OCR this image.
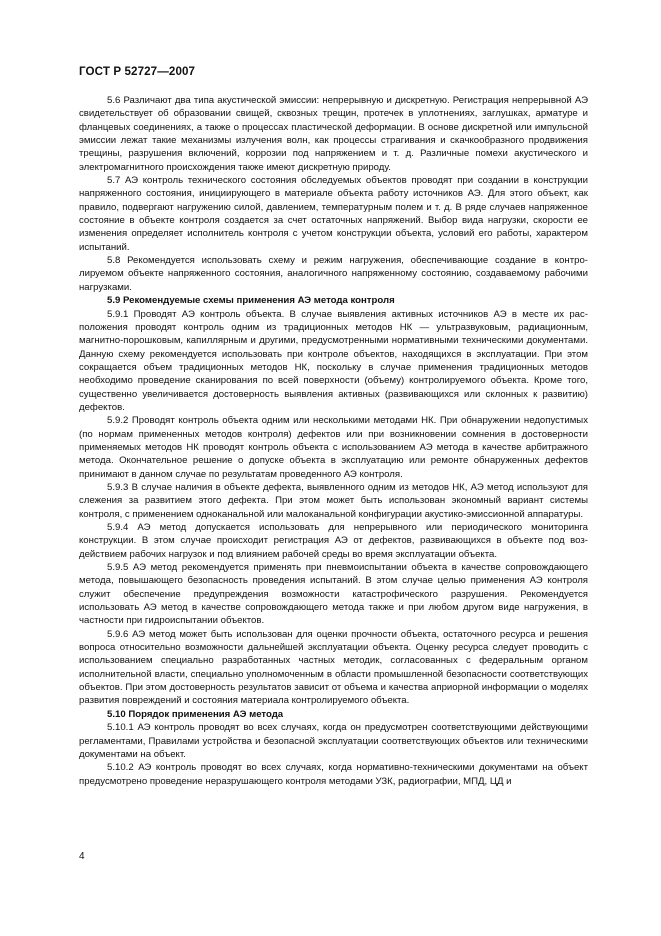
ГОСТ Р 52727—2007

5.6 Различают два типа акустической эмиссии: непрерывную и дискретную. Регистрация непрерывной АЭ свидетельствует об образовании свищей, сквозных трещин, протечек в уплотнениях, заглушках, арматуре и фланцевых соединениях, а также о процессах пластической деформации. В основе дискретной или импульсной эмиссии лежат такие механизмы излучения волн, как процессы страгивания и скачкообразного продвижения трещины, разрушения включений, коррозии под напряжением и т. д. Различные помехи акустического и электромагнитного происхождения также имеют дискретную природу.

5.7 АЭ контроль технического состояния обследуемых объектов проводят при создании в конструкции напряженного состояния, инициирующего в материале объекта работу источников АЭ. Для этого объект, как правило, подвергают нагружению силой, давлением, температурным полем и т. д. В ряде случаев напряженное состояние в объекте контроля создается за счет остаточных напряжений. Выбор вида нагрузки, скорости ее изменения определяет исполнитель контроля с учетом конструкции объекта, условий его работы, характером испытаний.

5.8 Рекомендуется использовать схему и режим нагружения, обеспечивающие создание в контролируемом объекте напряженного состояния, аналогичного напряженному состоянию, создаваемому рабочими нагрузками.

5.9 Рекомендуемые схемы применения АЭ метода контроля

5.9.1 Проводят АЭ контроль объекта. В случае выявления активных источников АЭ в месте их расположения проводят контроль одним из традиционных методов НК — ультразвуковым, радиационным, магнитно-порошковым, капиллярным и другими, предусмотренными нормативными техническими документами. Данную схему рекомендуется использовать при контроле объектов, находящихся в эксплуатации. При этом сокращается объем традиционных методов НК, поскольку в случае применения традиционных методов необходимо проведение сканирования по всей поверхности (объему) контролируемого объекта. Кроме того, существенно увеличивается достоверность выявления активных (развивающихся или склонных к развитию) дефектов.

5.9.2 Проводят контроль объекта одним или несколькими методами НК. При обнаружении недопустимых (по нормам примененных методов контроля) дефектов или при возникновении сомнения в достоверности применяемых методов НК проводят контроль объекта с использованием АЭ метода в качестве арбитражного метода. Окончательное решение о допуске объекта в эксплуатацию или ремонте обнаруженных дефектов принимают в данном случае по результатам проведенного АЭ контроля.

5.9.3 В случае наличия в объекте дефекта, выявленного одним из методов НК, АЭ метод используют для слежения за развитием этого дефекта. При этом может быть использован экономный вариант системы контроля, с применением одноканальной или малоканальной конфигурации акустико-эмиссионной аппаратуры.

5.9.4 АЭ метод допускается использовать для непрерывного или периодического мониторинга конструкции. В этом случае происходит регистрация АЭ от дефектов, развивающихся в объекте под воздействием рабочих нагрузок и под влиянием рабочей среды во время эксплуатации объекта.

5.9.5 АЭ метод рекомендуется применять при пневмоиспытании объекта в качестве сопровождающего метода, повышающего безопасность проведения испытаний. В этом случае целью применения АЭ контроля служит обеспечение предупреждения возможности катастрофического разрушения. Рекомендуется использовать АЭ метод в качестве сопровождающего метода также и при любом другом виде нагружения, в частности при гидроиспытании объектов.

5.9.6 АЭ метод может быть использован для оценки прочности объекта, остаточного ресурса и решения вопроса относительно возможности дальнейшей эксплуатации объекта. Оценку ресурса следует проводить с использованием специально разработанных частных методик, согласованных с федеральным органом исполнительной власти, специально уполномоченным в области промышленной безопасности соответствующих объектов. При этом достоверность результатов зависит от объема и качества априорной информации о моделях развития повреждений и состояния материала контролируемого объекта.

5.10 Порядок применения АЭ метода

5.10.1 АЭ контроль проводят во всех случаях, когда он предусмотрен соответствующими действующими регламентами, Правилами устройства и безопасной эксплуатации соответствующих объектов или техническими документами на объект.

5.10.2 АЭ контроль проводят во всех случаях, когда нормативно-техническими документами на объект предусмотрено проведение неразрушающего контроля методами УЗК, радиографии, МПД, ЦД и

4
